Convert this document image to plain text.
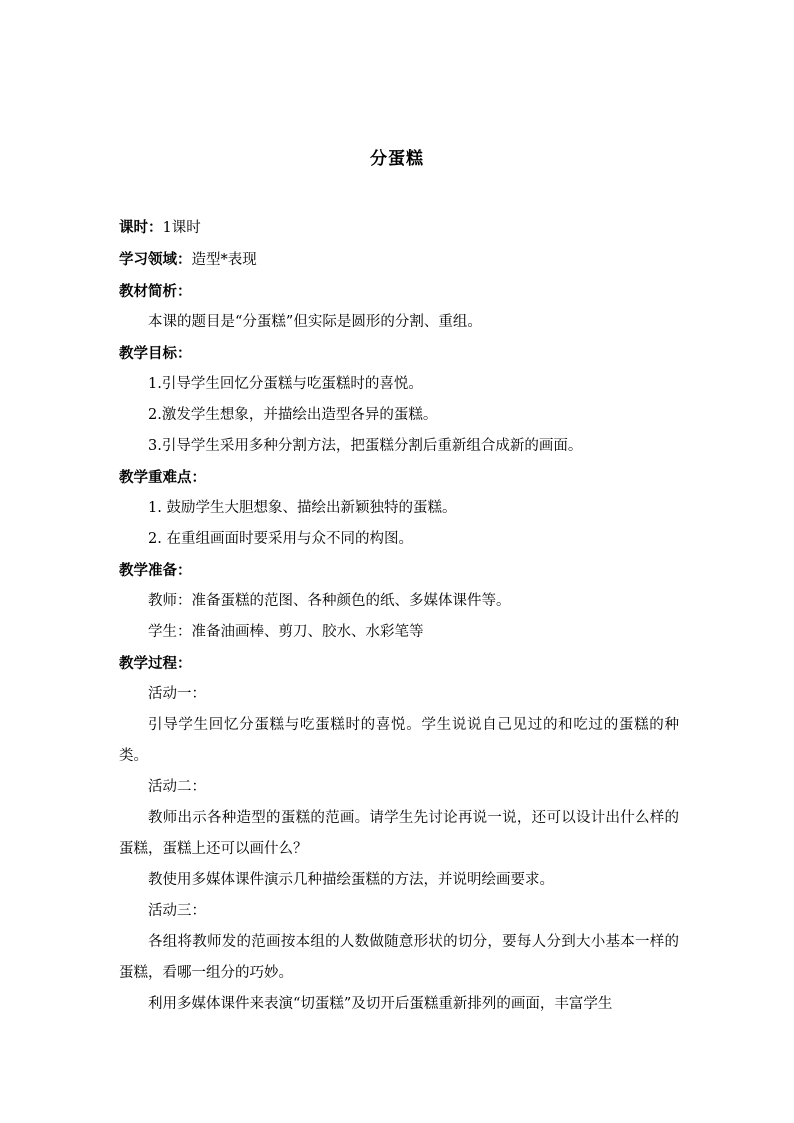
分蛋糕

课时：1课时

学习领域：造型*表现

教材简析：

本课的题目是“分蛋糕”但实际是圆形的分割、重组。

教学目标：

1.引导学生回忆分蛋糕与吃蛋糕时的喜悦。

2.激发学生想象，并描绘出造型各异的蛋糕。

3.引导学生采用多种分割方法，把蛋糕分割后重新组合成新的画面。

教学重难点：

1. 鼓励学生大胆想象、描绘出新颖独特的蛋糕。

2. 在重组画面时要采用与众不同的构图。

教学准备：

教师：准备蛋糕的范图、各种颜色的纸、多媒体课件等。

学生：准备油画棒、剪刀、胶水、水彩笔等

教学过程：

活动一：

引导学生回忆分蛋糕与吃蛋糕时的喜悦。学生说说自己见过的和吃过的蛋糕的种类。

活动二：

教师出示各种造型的蛋糕的范画。请学生先讨论再说一说，还可以设计出什么样的蛋糕，蛋糕上还可以画什么？

教使用多媒体课件演示几种描绘蛋糕的方法，并说明绘画要求。

活动三：

各组将教师发的范画按本组的人数做随意形状的切分，要每人分到大小基本一样的蛋糕，看哪一组分的巧妙。

利用多媒体课件来表演“切蛋糕”及切开后蛋糕重新排列的画面，丰富学生
